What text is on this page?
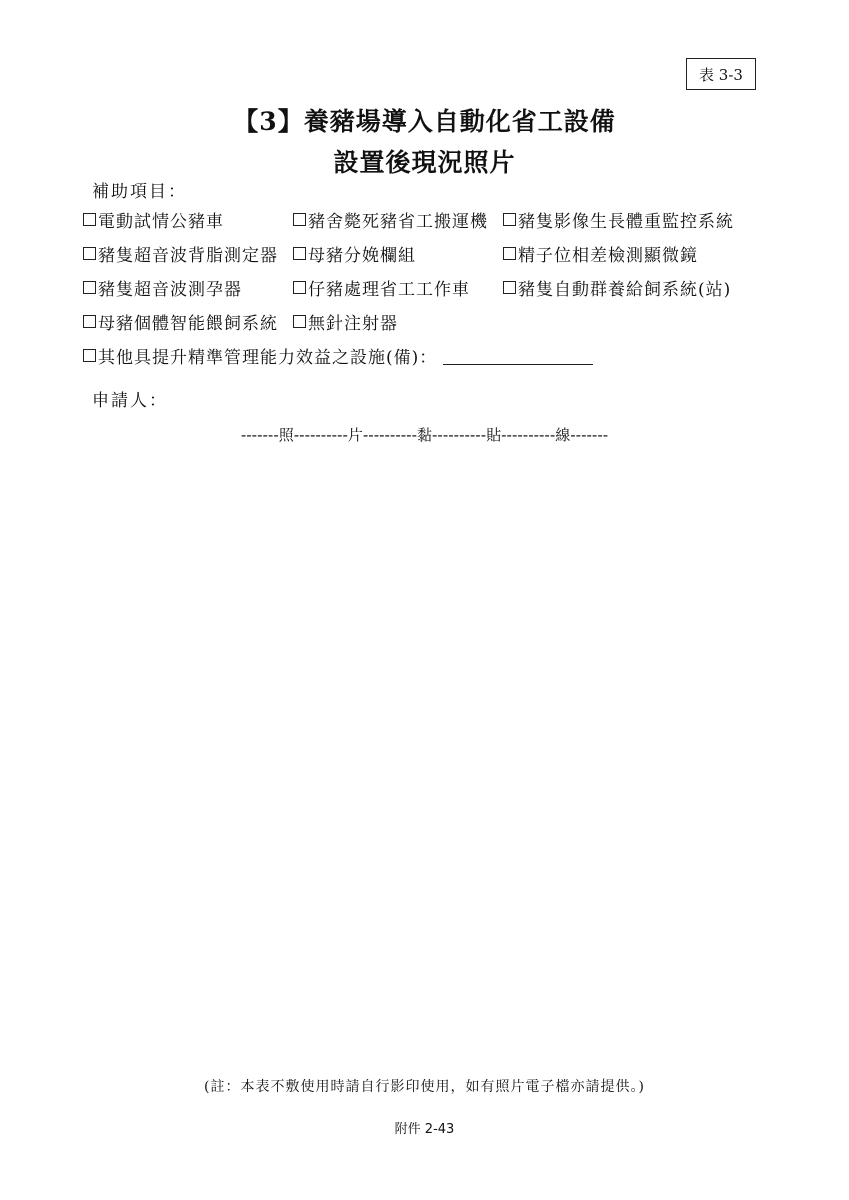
表 3-3
【3】養豬場導入自動化省工設備
設置後現況照片
補助項目：
電動試情公豬車	豬舍斃死豬省工搬運機 豬隻影像生長體重監控系統
豬隻超音波背脂測定器 母豬分娩欄組	精子位相差檢測顯微鏡
豬隻超音波測孕器	仔豬處理省工工作車	豬隻自動群養給飼系統(站)
母豬個體智能餵飼系統 無針注射器
其他具提升精準管理能力效益之設施(備)：
申請人：
-------照----------片----------黏----------貼----------線-------
(註：本表不敷使用時請自行影印使用，如有照片電子檔亦請提供。)
附件 2-43
